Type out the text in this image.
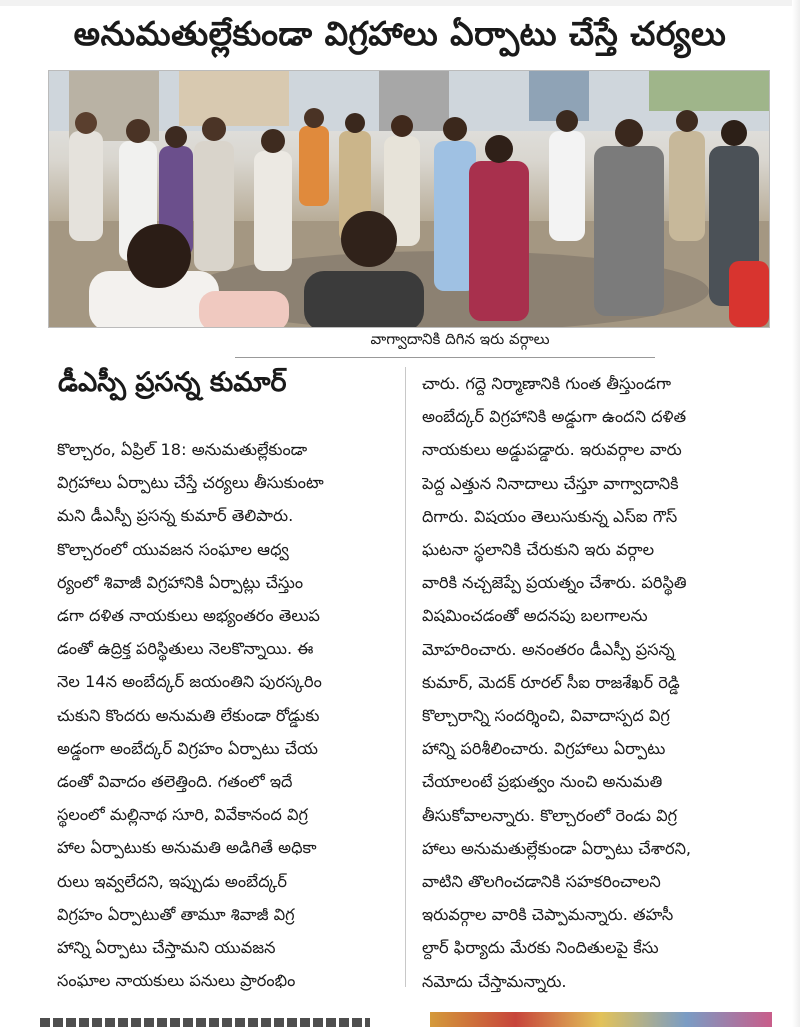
అనుమతుల్లేకుండా విగ్రహాలు ఏర్పాటు చేస్తే చర్యలు
వాగ్వాదానికి దిగిన ఇరు వర్గాలు
డీఎస్పీ ప్రసన్న కుమార్
కొల్చారం, ఏప్రిల్ 18: అనుమతుల్లేకుండా
విగ్రహాలు ఏర్పాటు చేస్తే చర్యలు తీసుకుంటా
మని డీఎస్పీ ప్రసన్న కుమార్ తెలిపారు.
కొల్చారంలో యువజన సంఘాల ఆధ్వ
ర్యంలో శివాజీ విగ్రహానికి ఏర్పాట్లు చేస్తుం
డగా దళిత నాయకులు అభ్యంతరం తెలుప
డంతో ఉద్రిక్త పరిస్థితులు నెలకొన్నాయి. ఈ
నెల 14న అంబేద్కర్ జయంతిని పురస్కరిం
చుకుని కొందరు అనుమతి లేకుండా రోడ్డుకు
అడ్డంగా అంబేద్కర్ విగ్రహం ఏర్పాటు చేయ
డంతో వివాదం తలెత్తింది. గతంలో ఇదే
స్థలంలో మల్లినాథ సూరి, వివేకానంద విగ్ర
హాల ఏర్పాటుకు అనుమతి అడిగితే అధికా
రులు ఇవ్వలేదని, ఇప్పుడు అంబేద్కర్
విగ్రహం ఏర్పాటుతో తామూ శివాజీ విగ్ర
హాన్ని ఏర్పాటు చేస్తామని యువజన
సంఘాల నాయకులు పనులు ప్రారంభిం
చారు. గద్దె నిర్మాణానికి గుంత తీస్తుండగా
అంబేద్కర్ విగ్రహానికి అడ్డుగా ఉందని దళిత
నాయకులు అడ్డుపడ్డారు. ఇరువర్గాల వారు
పెద్ద ఎత్తున నినాదాలు చేస్తూ వాగ్వాదానికి
దిగారు. విషయం తెలుసుకున్న ఎస్ఐ గౌస్
ఘటనా స్థలానికి చేరుకుని ఇరు వర్గాల
వారికి నచ్చజెప్పే ప్రయత్నం చేశారు. పరిస్థితి
విషమించడంతో అదనపు బలగాలను
మోహరించారు. అనంతరం డీఎస్పీ ప్రసన్న
కుమార్, మెదక్ రూరల్ సీఐ రాజశేఖర్ రెడ్డి
కొల్చారాన్ని సందర్శించి, వివాదాస్పద విగ్ర
హాన్ని పరిశీలించారు. విగ్రహాలు ఏర్పాటు
చేయాలంటే ప్రభుత్వం నుంచి అనుమతి
తీసుకోవాలన్నారు. కొల్చారంలో రెండు విగ్ర
హాలు అనుమతుల్లేకుండా ఏర్పాటు చేశారని,
వాటిని తొలగించడానికి సహకరించాలని
ఇరువర్గాల వారికి చెప్పామన్నారు. తహసీ
ల్దార్ ఫిర్యాదు మేరకు నిందితులపై కేసు
నమోదు చేస్తామన్నారు.
